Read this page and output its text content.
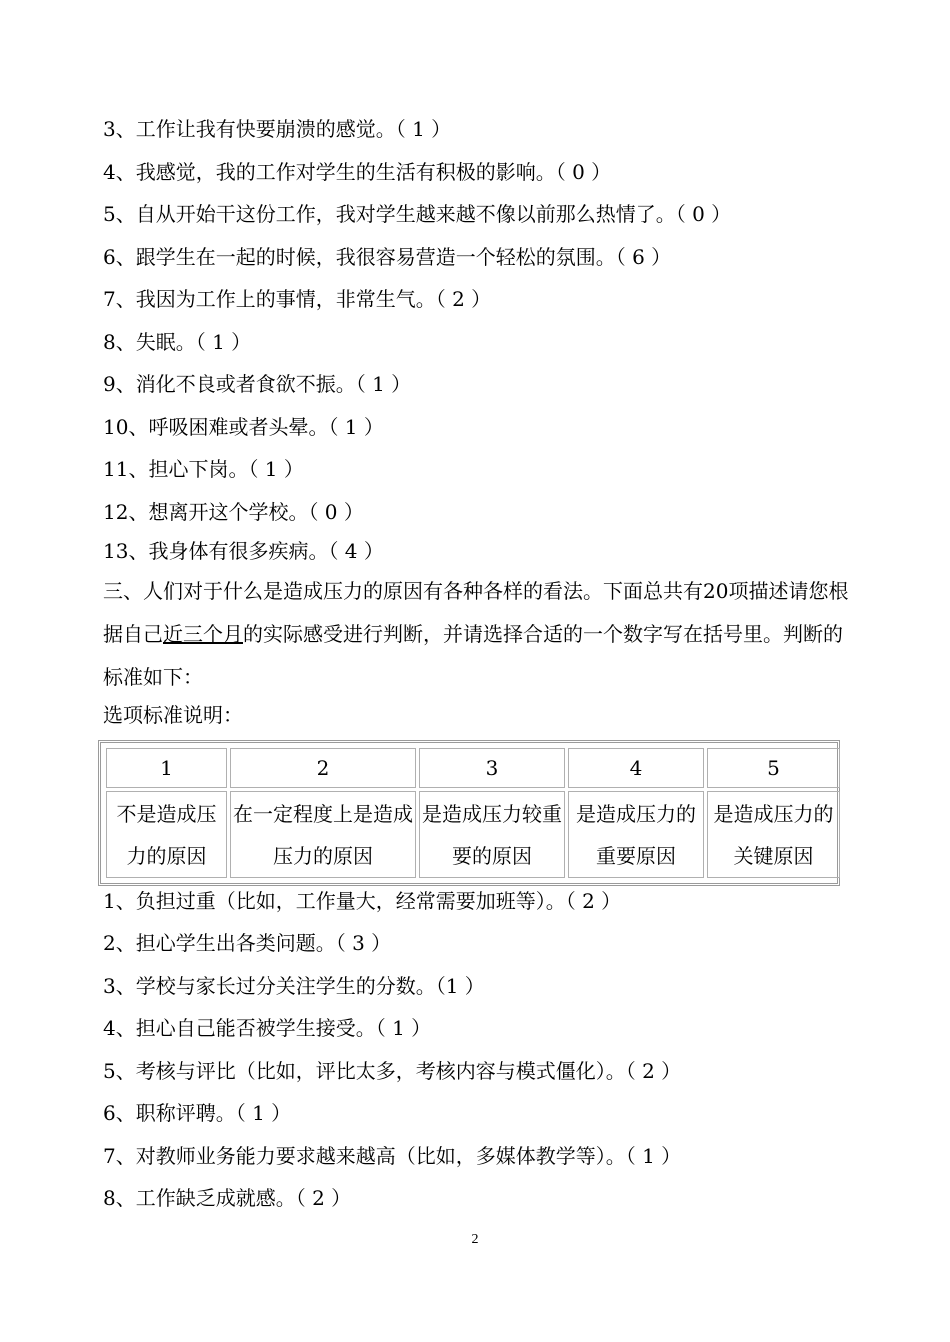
3、工作让我有快要崩溃的感觉。（ 1 ）

4、我感觉，我的工作对学生的生活有积极的影响。（ 0 ）

5、自从开始干这份工作，我对学生越来越不像以前那么热情了。（ 0 ）

6、跟学生在一起的时候，我很容易营造一个轻松的氛围。（ 6 ）

7、我因为工作上的事情，非常生气。（ 2 ）

8、失眠。（ 1 ）

9、消化不良或者食欲不振。（ 1 ）

10、呼吸困难或者头晕。（ 1 ）

11、担心下岗。（ 1 ）

12、想离开这个学校。（ 0 ）

13、我身体有很多疾病。（ 4 ）

三、人们对于什么是造成压力的原因有各种各样的看法。下面总共有20项描述请您根据自己近三个月的实际感受进行判断，并请选择合适的一个数字写在括号里。判断的标准如下：

选项标准说明：

1	2	3	4	5
不是造成压力的原因	在一定程度上是造成压力的原因	是造成压力较重要的原因	是造成压力的重要原因	是造成压力的关键原因

1、负担过重（比如，工作量大，经常需要加班等）。（ 2 ）

2、担心学生出各类问题。（ 3 ）

3、学校与家长过分关注学生的分数。（1 ）

4、担心自己能否被学生接受。（ 1 ）

5、考核与评比（比如，评比太多，考核内容与模式僵化）。（ 2 ）

6、职称评聘。（ 1 ）

7、对教师业务能力要求越来越高（比如，多媒体教学等）。（ 1 ）

8、工作缺乏成就感。（ 2 ）

2
